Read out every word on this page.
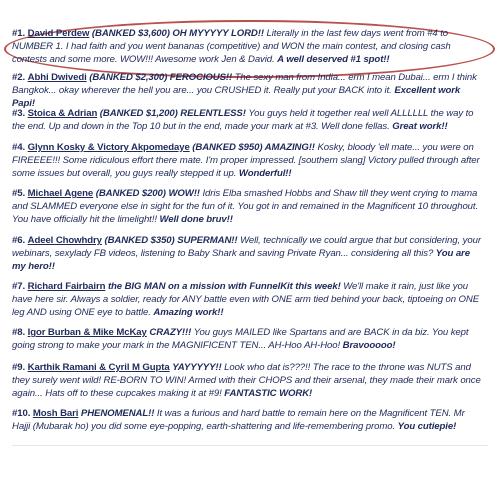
#1. David Perdew (BANKED $3,600) OH MYYYYY LORD!! Literally in the last few days went from #4 to NUMBER 1. I had faith and you went bananas (competitive) and WON the main contest, and closing cash contests and some more. WOW!!! Awesome work Jen & David. A well deserved #1 spot!!
#2. Abhi Dwivedi (BANKED $2,300) FEROCIOUS!! The sexy man from India... erm I mean Dubai... erm I think Bangkok... okay wherever the hell you are... you CRUSHED it. Really put your BACK into it. Excellent work Papi!
#3. Stoica & Adrian (BANKED $1,200) RELENTLESS! You guys held it together real well ALLLLLL the way to the end. Up and down in the Top 10 but in the end, made your mark at #3. Well done fellas. Great work!!
#4. Glynn Kosky & Victory Akpomedaye (BANKED $950) AMAZING!! Kosky, bloody 'ell mate... you were on FIREEEE!!! Some ridiculous effort there mate. I'm proper impressed. [southern slang] Victory pulled through after some issues but overall, you guys really stepped it up. Wonderful!!
#5. Michael Agene (BANKED $200) WOW!! Idris Elba smashed Hobbs and Shaw till they went crying to mama and SLAMMED everyone else in sight for the fun of it. You got in and remained in the Magnificent 10 throughout. You have officially hit the limelight!! Well done bruv!!
#6. Adeel Chowhdry (BANKED $350) SUPERMAN!! Well, technically we could argue that but considering, your webinars, sexylady FB videos, listening to Baby Shark and saving Private Ryan... considering all this? You are my hero!!
#7. Richard Fairbairn the BIG MAN on a mission with FunnelKit this week! We'll make it rain, just like you have here sir. Always a soldier, ready for ANY battle even with ONE arm tied behind your back, tiptoeing on ONE leg AND using ONE eye to battle. Amazing work!!
#8. Igor Burban & Mike McKay CRAZY!!! You guys MAILED like Spartans and are BACK in da biz. You kept going strong to make your mark in the MAGNIFICENT TEN... AH-Hoo AH-Hoo! Bravooooo!
#9. Karthik Ramani & Cyril M Gupta YAYYYYY!! Look who dat is???!! The race to the throne was NUTS and they surely went wild! RE-BORN TO WIN! Armed with their CHOPS and their arsenal, they made their mark once again... Hats off to these cupcakes making it at #9! FANTASTIC WORK!
#10. Mosh Bari PHENOMENAL!! It was a furious and hard battle to remain here on the Magnificent TEN. Mr Hajji (Mubarak ho) you did some eye-popping, earth-shattering and life-remembering promo. You cutiepie!
